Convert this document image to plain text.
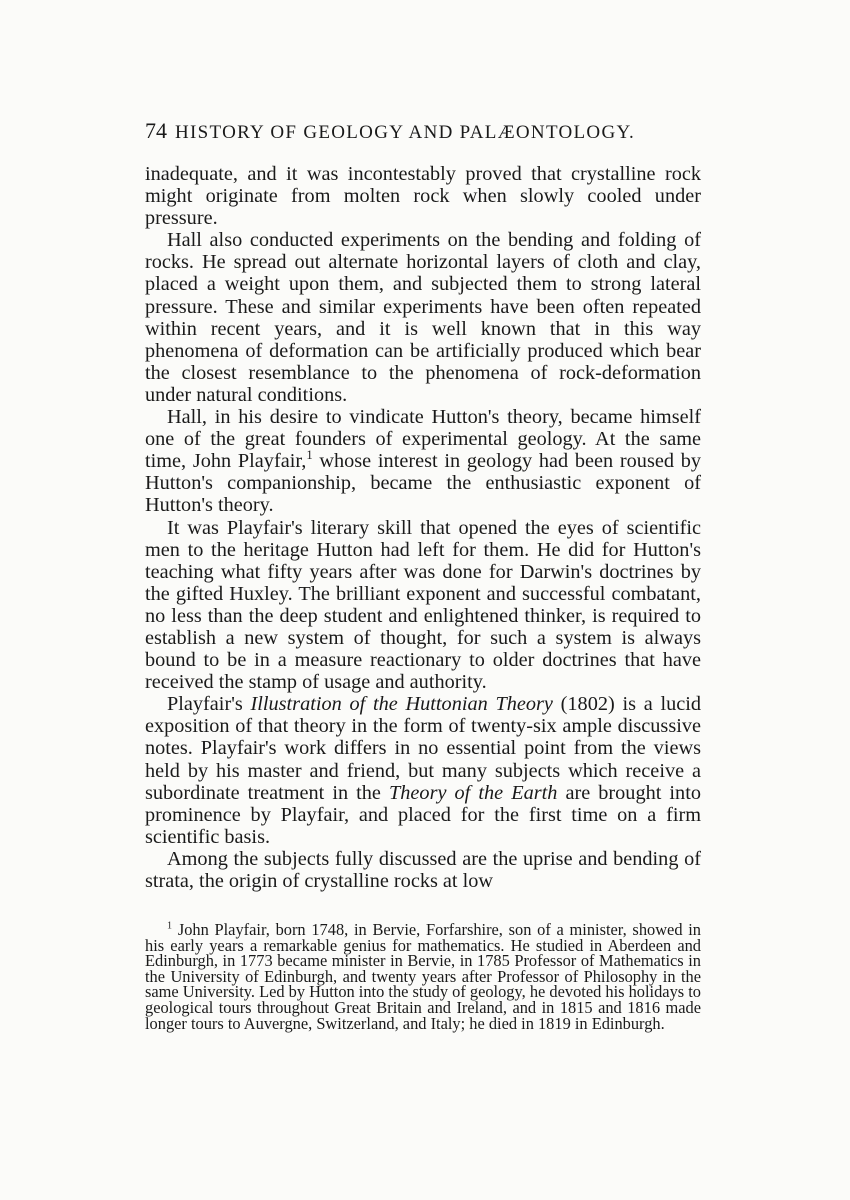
74 HISTORY OF GEOLOGY AND PALÆONTOLOGY.

inadequate, and it was incontestably proved that crystalline rock might originate from molten rock when slowly cooled under pressure.

Hall also conducted experiments on the bending and folding of rocks. He spread out alternate horizontal layers of cloth and clay, placed a weight upon them, and subjected them to strong lateral pressure. These and similar experiments have been often repeated within recent years, and it is well known that in this way phenomena of deformation can be artificially produced which bear the closest resemblance to the phenomena of rock-deformation under natural conditions.

Hall, in his desire to vindicate Hutton's theory, became himself one of the great founders of experimental geology. At the same time, John Playfair,$^1$ whose interest in geology had been roused by Hutton's companionship, became the enthusiastic exponent of Hutton's theory.

It was Playfair's literary skill that opened the eyes of scientific men to the heritage Hutton had left for them. He did for Hutton's teaching what fifty years after was done for Darwin's doctrines by the gifted Huxley. The brilliant exponent and successful combatant, no less than the deep student and enlightened thinker, is required to establish a new system of thought, for such a system is always bound to be in a measure reactionary to older doctrines that have received the stamp of usage and authority.

Playfair's Illustration of the Huttonian Theory (1802) is a lucid exposition of that theory in the form of twenty-six ample discussive notes. Playfair's work differs in no essential point from the views held by his master and friend, but many subjects which receive a subordinate treatment in the Theory of the Earth are brought into prominence by Playfair, and placed for the first time on a firm scientific basis.

Among the subjects fully discussed are the uprise and bending of strata, the origin of crystalline rocks at low

$^1$ John Playfair, born 1748, in Bervie, Forfarshire, son of a minister, showed in his early years a remarkable genius for mathematics. He studied in Aberdeen and Edinburgh, in 1773 became minister in Bervie, in 1785 Professor of Mathematics in the University of Edinburgh, and twenty years after Professor of Philosophy in the same University. Led by Hutton into the study of geology, he devoted his holidays to geological tours throughout Great Britain and Ireland, and in 1815 and 1816 made longer tours to Auvergne, Switzerland, and Italy; he died in 1819 in Edinburgh.
